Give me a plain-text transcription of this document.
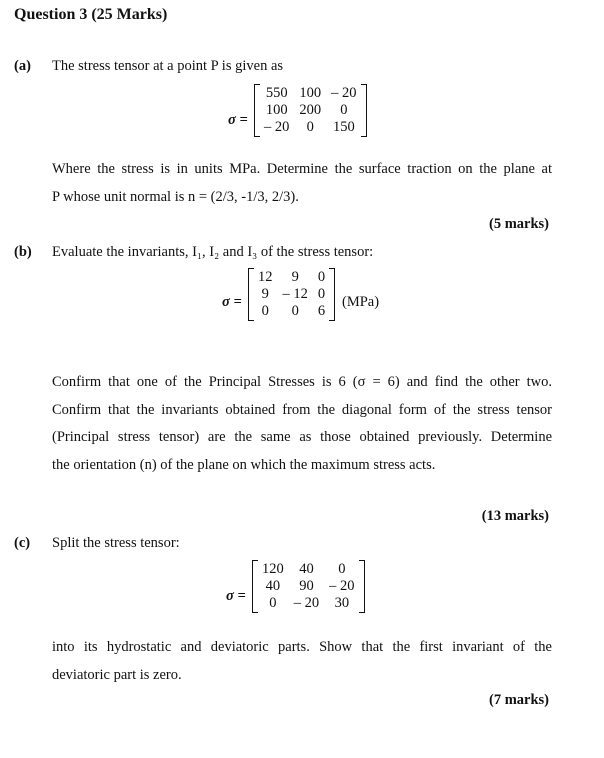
Question 3 (25 Marks)
(a) The stress tensor at a point P is given as
σ =
550	100	– 20
100	200	0
– 20	0	150
Where the stress is in units MPa. Determine the surface traction on the plane at
P whose unit normal is n = (2/3, -1/3, 2/3).
(5 marks)
(b) Evaluate the invariants, I₁, I₂ and I₃ of the stress tensor:
σ =
12	9	0
9	– 12	0
0	0	6
(MPa)
Confirm that one of the Principal Stresses is 6 (σ = 6) and find the other two.
Confirm that the invariants obtained from the diagonal form of the stress tensor
(Principal stress tensor) are the same as those obtained previously. Determine
the orientation (n) of the plane on which the maximum stress acts.
(13 marks)
(c) Split the stress tensor:
σ =
120	40	0
40	90	– 20
0	– 20	30
into its hydrostatic and deviatoric parts. Show that the first invariant of the
deviatoric part is zero.
(7 marks)
